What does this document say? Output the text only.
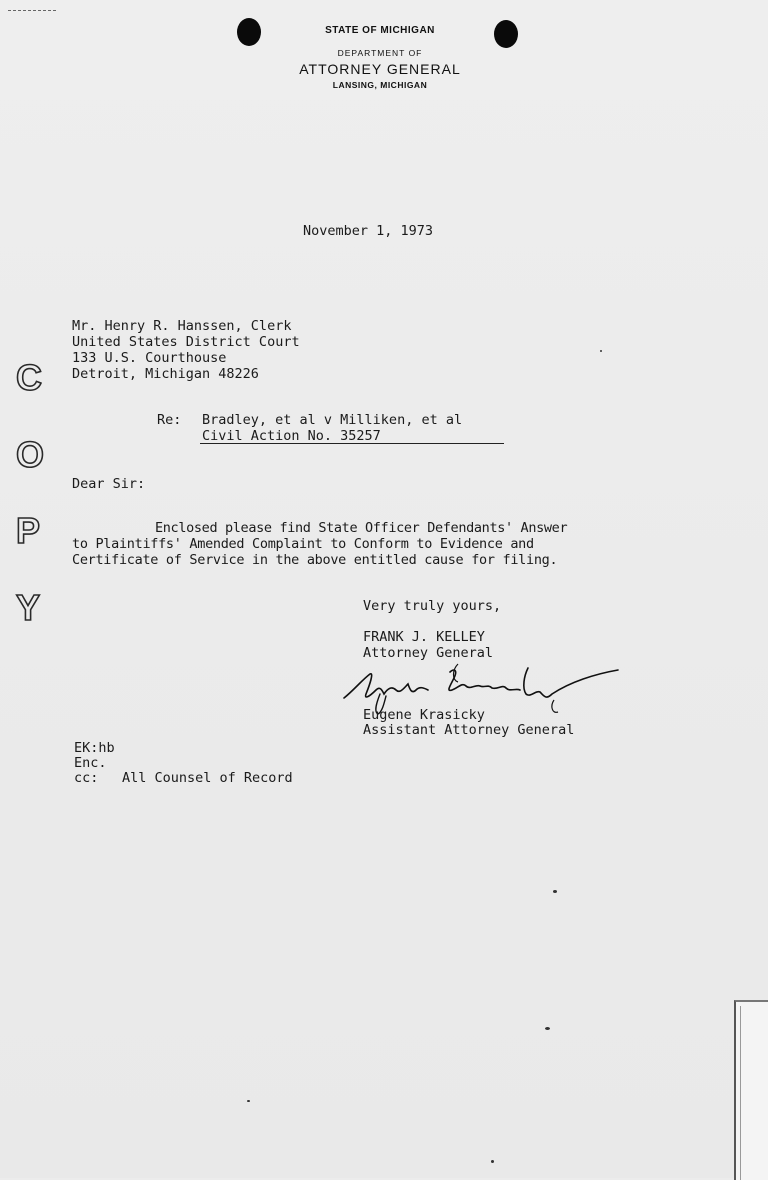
STATE OF MICHIGAN
DEPARTMENT OF
ATTORNEY GENERAL
LANSING, MICHIGAN
November 1, 1973
Mr. Henry R. Hanssen, Clerk
United States District Court
133 U.S. Courthouse
Detroit, Michigan 48226
C
O
P
Y
Re: Bradley, et al v Milliken, et al
Civil Action No. 35257
Dear Sir:
Enclosed please find State Officer Defendants' Answer
to Plaintiffs' Amended Complaint to Conform to Evidence and
Certificate of Service in the above entitled cause for filing.
Very truly yours,
FRANK J. KELLEY
Attorney General
Eugene Krasicky
Assistant Attorney General
EK:hb
Enc.
cc: All Counsel of Record
